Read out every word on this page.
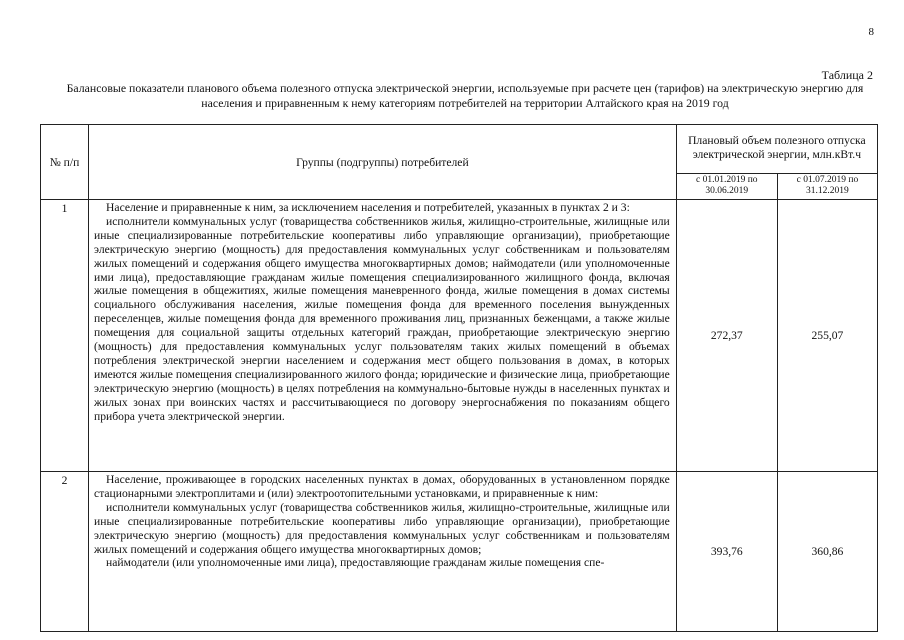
8
Таблица 2
Балансовые показатели планового объема полезного отпуска электрической энергии, используемые при расчете цен (тарифов) на электрическую энергию для населения и приравненным к нему категориям потребителей на территории Алтайского края на 2019 год
№ п/п	Группы (подгруппы) потребителей	Плановый объем полезного отпуска электрической энергии, млн.кВт.ч	
		с 01.01.2019 по 30.06.2019	с 01.07.2019 по 31.12.2019
1	Население и приравненные к ним, за исключением населения и потребителей, указанных в пунктах 2 и 3:

исполнители коммунальных услуг (товарищества собственников жилья, жилищно-строительные, жилищные или иные специализированные потребительские кооперативы либо управляющие организации), приобретающие электрическую энергию (мощность) для предоставления коммунальных услуг собственникам и пользователям жилых помещений и содержания общего имущества многоквартирных домов; наймодатели (или уполномоченные ими лица), предоставляющие гражданам жилые помещения специализированного жилищного фонда, включая жилые помещения в общежитиях, жилые помещения маневренного фонда, жилые помещения в домах системы социального обслуживания населения, жилые помещения фонда для временного поселения вынужденных переселенцев, жилые помещения фонда для временного проживания лиц, признанных беженцами, а также жилые помещения для социальной защиты отдельных категорий граждан, приобретающие электрическую энергию (мощность) для предоставления коммунальных услуг пользователям таких жилых помещений в объемах потребления электрической энергии населением и содержания мест общего пользования в домах, в которых имеются жилые помещения специализированного жилого фонда; юридические и физические лица, приобретающие электрическую энергию (мощность) в целях потребления на коммунально-бытовые нужды в населенных пунктах и жилых зонах при воинских частях и рассчитывающиеся по договору энергоснабжения по показаниям общего прибора учета электрической энергии.	272,37	255,07
2	Население, проживающее в городских населенных пунктах в домах, оборудованных в установленном порядке стационарными электроплитами и (или) электроотопительными установками, и приравненные к ним:

исполнители коммунальных услуг (товарищества собственников жилья, жилищно-строительные, жилищные или иные специализированные потребительские кооперативы либо управляющие организации), приобретающие электрическую энергию (мощность) для предоставления коммунальных услуг собственникам и пользователям жилых помещений и содержания общего имущества многоквартирных домов;

наймодатели (или уполномоченные ими лица), предоставляющие гражданам жилые помещения спе-	393,76	360,86
